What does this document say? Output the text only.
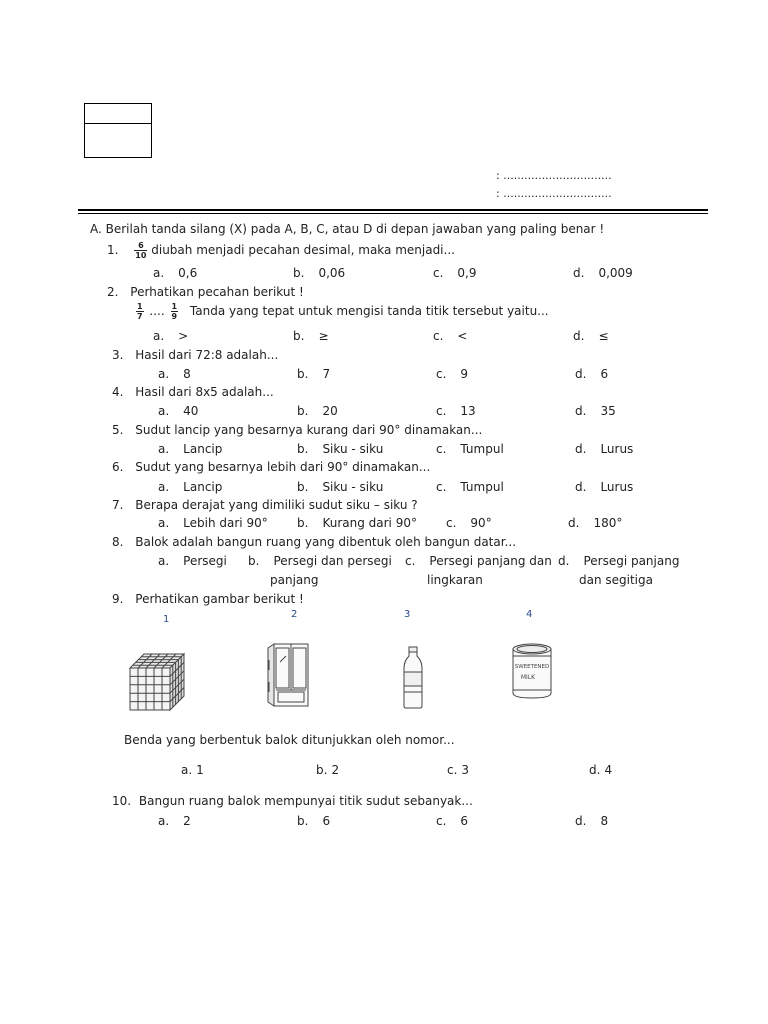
: ...............................
: ...............................
A. Berilah tanda silang (X) pada A, B, C, atau D di depan jawaban yang paling benar !
1. $\frac{6}{10}$ diubah menjadi pecahan desimal, maka menjadi...
2. Perhatikan pecahan berikut !
$\frac{1}{7}$ .... $\frac{1}{9}$ Tanda yang tepat untuk mengisi tanda titik tersebut yaitu...
3. Hasil dari 72:8 adalah...
4. Hasil dari 8x5 adalah...
5. Sudut lancip yang besarnya kurang dari 90° dinamakan...
6. Sudut yang besarnya lebih dari 90° dinamakan...
7. Berapa derajat yang dimiliki sudut siku – siku ?
8. Balok adalah bangun ruang yang dibentuk oleh bangun datar...
9. Perhatikan gambar berikut !
1	2	3	4
SWEETENED
MILK
Benda yang berbentuk balok ditunjukkan oleh nomor...
10. Bangun ruang balok mempunyai titik sudut sebanyak...
a. 0,6	b. 0,06	c. 0,9	d. 0,009
a. >	b. ≥	c. <	d. ≤
a. 8	b. 7	c. 9	d. 6
a. 40	b. 20	c. 13	d. 35
a. Lancip	b. Siku - siku	c. Tumpul	d. Lurus
a. Lancip	b. Siku - siku	c. Tumpul	d. Lurus
a. Lebih dari 90° b. Kurang dari 90° c. 90°	d. 180°
a. Persegi b. Persegi dan persegi
panjang
c. Persegi panjang dan
lingkaran
d. Persegi panjang
dan segitiga
a. 1	b. 2	c. 3	d. 4
a. 2	b. 6	c. 6	d. 8
